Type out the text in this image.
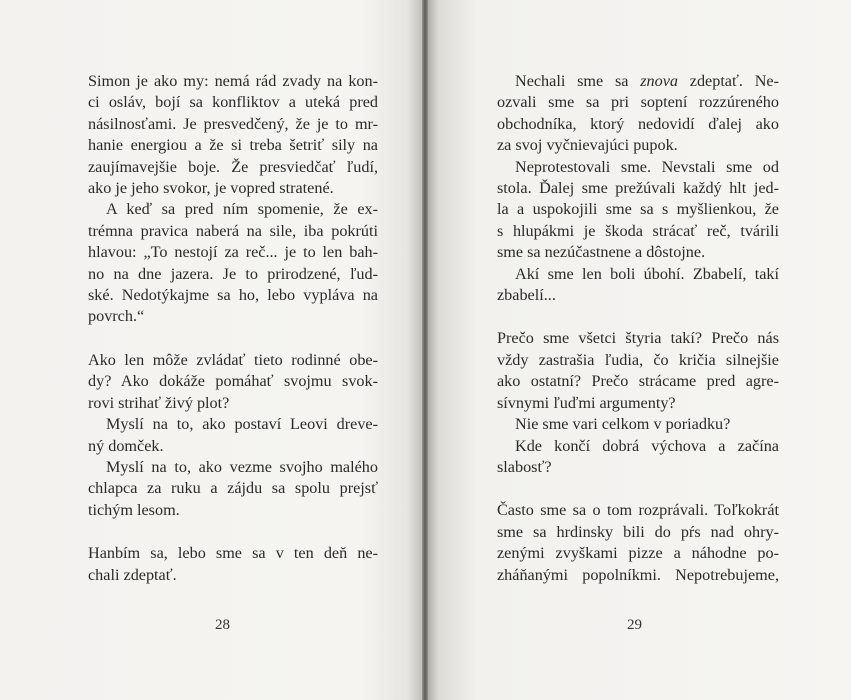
Simon je ako my: nemá rád zvady na kon-
ci osláv, bojí sa konfliktov a uteká pred
násilnosťami. Je presvedčený, že je to mr-
hanie energiou a že si treba šetriť sily na
zaujímavejšie boje. Že presviedčať ľudí,
ako je jeho svokor, je vopred stratené.
A keď sa pred ním spomenie, že ex-
trémna pravica naberá na sile, iba pokrúti
hlavou: „To nestojí za reč... je to len bah-
no na dne jazera. Je to prirodzené, ľud-
ské. Nedotýkajme sa ho, lebo vypláva na
povrch.“
Ako len môže zvládať tieto rodinné obe-
dy? Ako dokáže pomáhať svojmu svok-
rovi strihať živý plot?
Myslí na to, ako postaví Leovi dreve-
ný domček.
Myslí na to, ako vezme svojho malého
chlapca za ruku a zájdu sa spolu prejsť
tichým lesom.
Hanbím sa, lebo sme sa v ten deň ne-
chali zdeptať.
28
Nechali sme sa znova zdeptať. Ne-
ozvali sme sa pri soptení rozzúreného
obchodníka, ktorý nedovidí ďalej ako
za svoj vyčnievajúci pupok.
Neprotestovali sme. Nevstali sme od
stola. Ďalej sme prežúvali každý hlt jed-
la a uspokojili sme sa s myšlienkou, že
s hlupákmi je škoda strácať reč, tvárili
sme sa nezúčastnene a dôstojne.
Akí sme len boli úbohí. Zbabelí, takí
zbabelí...
Prečo sme všetci štyria takí? Prečo nás
vždy zastrašia ľudia, čo kričia silnejšie
ako ostatní? Prečo strácame pred agre-
sívnymi ľuďmi argumenty?
Nie sme vari celkom v poriadku?
Kde končí dobrá výchova a začína
slabosť?
Často sme sa o tom rozprávali. Toľkokrát
sme sa hrdinsky bili do pŕs nad ohry-
zenými zvyškami pizze a náhodne po-
zháňanými popolníkmi. Nepotrebujeme,
29
